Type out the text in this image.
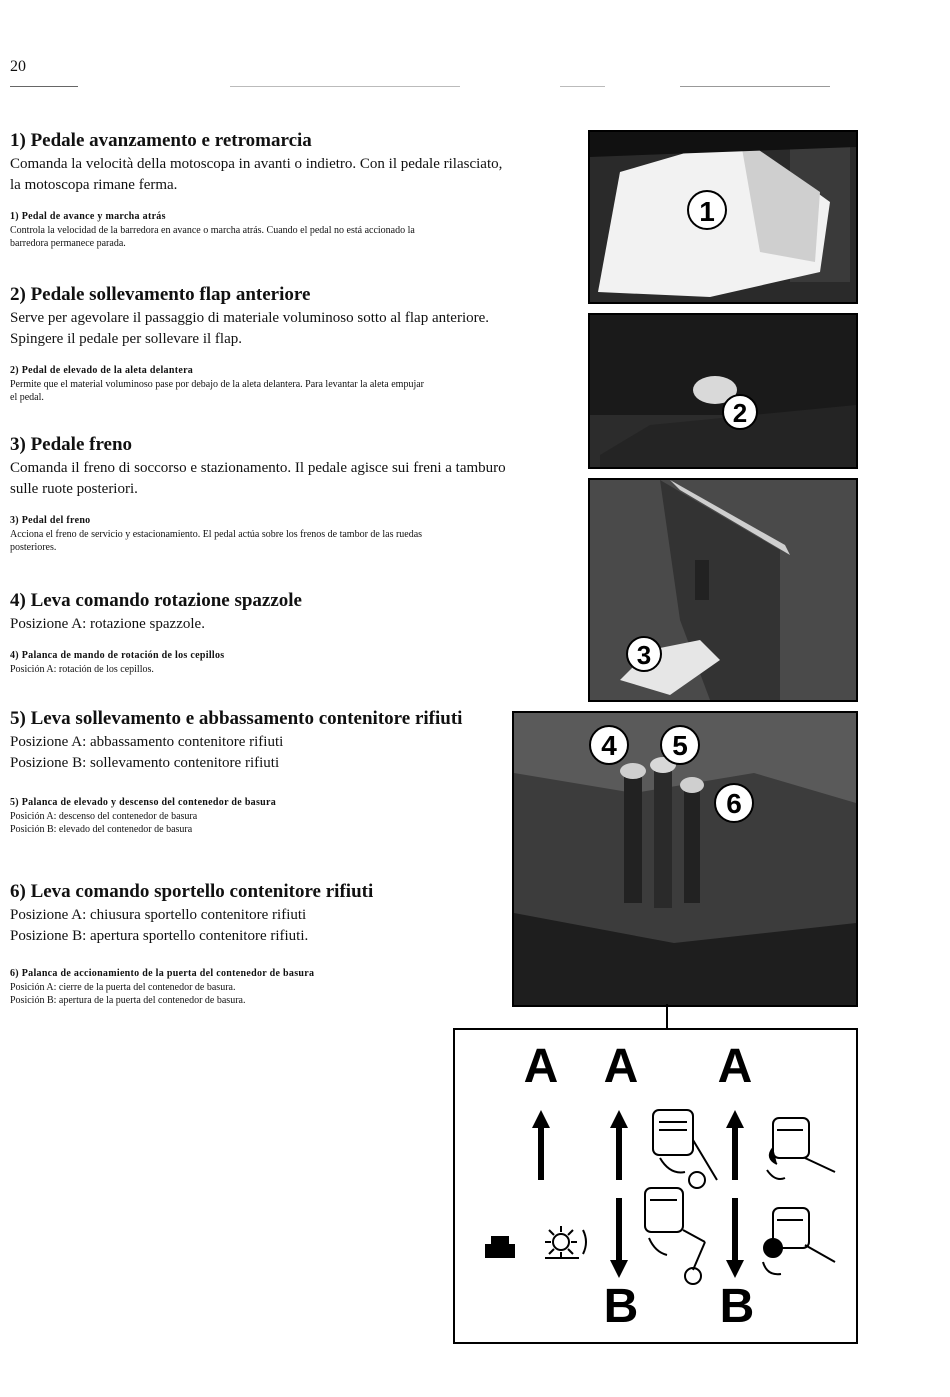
20
1) Pedale avanzamento e retromarcia

Comanda la velocità della motoscopa in avanti o indietro. Con il pedale rilasciato,
la motoscopa rimane ferma.

1) Pedal de avance y marcha atrás

Controla la velocidad de la barredora en avance o marcha atrás. Cuando el pedal no está accionado la
barredora permanece parada.

2) Pedale sollevamento flap anteriore

Serve per agevolare il passaggio di materiale voluminoso sotto al flap anteriore.
Spingere il pedale per sollevare il flap.

2) Pedal de elevado de la aleta delantera

Permite que el material voluminoso pase por debajo de la aleta delantera. Para levantar la aleta empujar
el pedal.

3) Pedale freno

Comanda il freno di soccorso e stazionamento. Il pedale agisce sui freni a tamburo
sulle ruote posteriori.

3) Pedal del freno

Acciona el freno de servicio y estacionamiento. El pedal actúa sobre los frenos de tambor de las ruedas
posteriores.

4) Leva comando rotazione spazzole

Posizione A: rotazione spazzole.

4) Palanca de mando de rotación de los cepillos

Posición A: rotación de los cepillos.

5) Leva sollevamento e abbassamento contenitore rifiuti

Posizione A: abbassamento contenitore rifiuti
Posizione B: sollevamento contenitore rifiuti

5) Palanca de elevado y descenso del contenedor de basura

Posición A: descenso del contenedor de basura
Posición B: elevado del contenedor de basura

6) Leva comando sportello contenitore rifiuti

Posizione A: chiusura sportello contenitore rifiuti
Posizione B: apertura sportello contenitore rifiuti.

6) Palanca de accionamiento de la puerta del contenedor de basura

Posición A: cierre de la puerta del contenedor de basura.
Posición B: apertura de la puerta del contenedor de basura.

1
2
3
4 5
6
A A A
B B
